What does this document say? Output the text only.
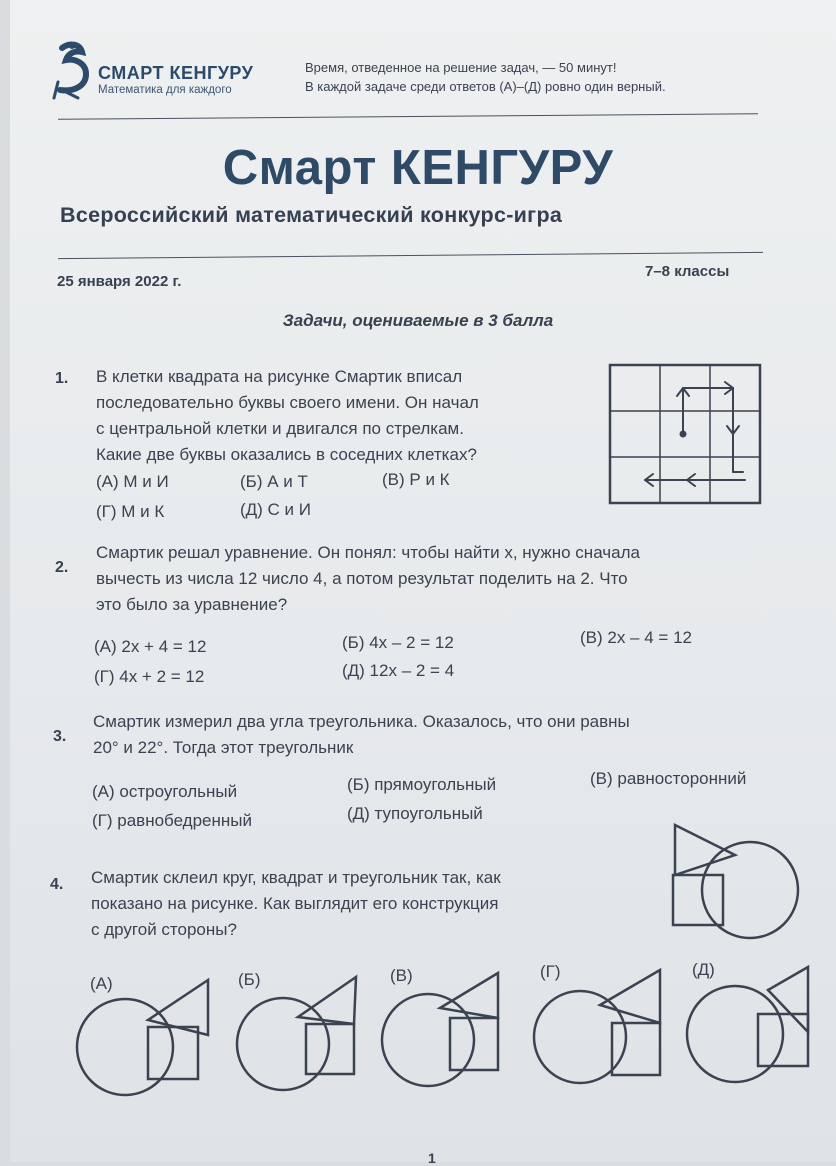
СМАРТ КЕНГУРУ
Математика для каждого
Время, отведенное на решение задач, — 50 минут!
В каждой задаче среди ответов (А)–(Д) ровно один верный.
Смарт КЕНГУРУ
Всероссийский математический конкурс-игра
25 января 2022 г.
7–8 классы
Задачи, оцениваемые в 3 балла
1. В клетки квадрата на рисунке Смартик вписал
последовательно буквы своего имени. Он начал
с центральной клетки и двигался по стрелкам.
Какие две буквы оказались в соседних клетках?
(А) М и И	(Б) А и Т	(В) Р и К
(Г) М и К	(Д) С и И
2.
Смартик решал уравнение. Он понял: чтобы найти x, нужно сначала
вычесть из числа 12 число 4, а потом результат поделить на 2. Что
это было за уравнение?
(А) 2x + 4 = 12	(Б) 4x – 2 = 12	(В) 2x – 4 = 12
(Г) 4x + 2 = 12	(Д) 12x – 2 = 4
3.
Смартик измерил два угла треугольника. Оказалось, что они равны
20° и 22°. Тогда этот треугольник
(А) остроугольный	(Б) прямоугольный	(В) равносторонний
(Г) равнобедренный	(Д) тупоугольный
4. Смартик склеил круг, квадрат и треугольник так, как
показано на рисунке. Как выглядит его конструкция
с другой стороны?
(А)	(Б)	(В)	(Г)	(Д)
1
